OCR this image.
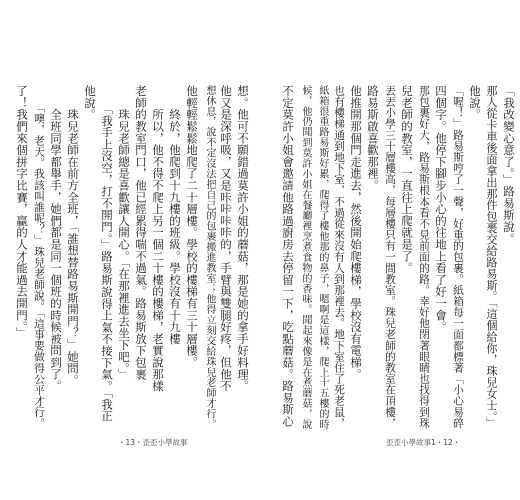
想。他可不願錯過莫許小姐的蘑菇，那是她的拿手好料理。
他又是深呼吸，又是咔咔咔咔的，手臂與雙腿好疼，但他不
想休息，說不定沒法把自己的包裹搬進教室；他得立刻交給珠兒老師才行。
他輕輕鬆鬆地爬了二十層樓。學校的樓梯有三十層樓。
　　終於，他爬到十九樓的班級。學校沒有十九樓
　　所以，他不得不爬上另一個二十樓的樓梯，老實說那樣
老師的教室門口，他已經累得喘不過氣。路易斯放下包裹
　　珠兒老師總是喜歡讓人開心。「在那裡進去坐下吧。」
　　「我手上沒空，打不開門。」路易斯說得上氣不接下氣。「我正
他說。
　　珠兒老師在前方全班，「誰想替路易斯開門？」她問。
　　全班同學都舉手，她們都是同一個班的時候被問到了。
　　「噢，老天。我該叫誰呢？」珠兒老師說。「這事要做得公平才行。
了！我們來個拼字比賽，贏的人才能過去開門。」
・13・歪歪小學故事
「我改變心意了。」路易斯說。
那人從卡車後面拿出那件包裹交給路易斯。「這個給你，珠兒女士。」
他說。
「喔！」路易斯哼了一聲，好重的包裹。紙箱每一面都標著「小心易碎
四個字。他停下腳步小心的往地上看了好一會。
那包裹好大，路易斯根本看不見前面的路。幸好他閉著眼睛也找得到珠
兒老師的教室，一直往上爬就是了。
丟丟小學三十層樓高，每層樓只有一間教室。珠兒老師的教室在頂樓，
路易斯啟喜歡那裡。
他推開那個門走進去，然後開始爬樓梯，學校沒有電梯。
也有樓梯通到地下室，不過從來沒有人到那裡去。地下室住了死老鼠，
紙箱很重路易斯好累，爬得了樓他那的鼻子，嗯啊是這樣，爬上十五樓的時
候，他仍聞到莫許小姐在餐廳裡烹煮食物的香味。聞起來像是在煮蘑菇，說
不定莫許小姐會邀請他路過廚房去停留一下，吃點蘑菇。路易斯心
歪歪小學故事1・12・
